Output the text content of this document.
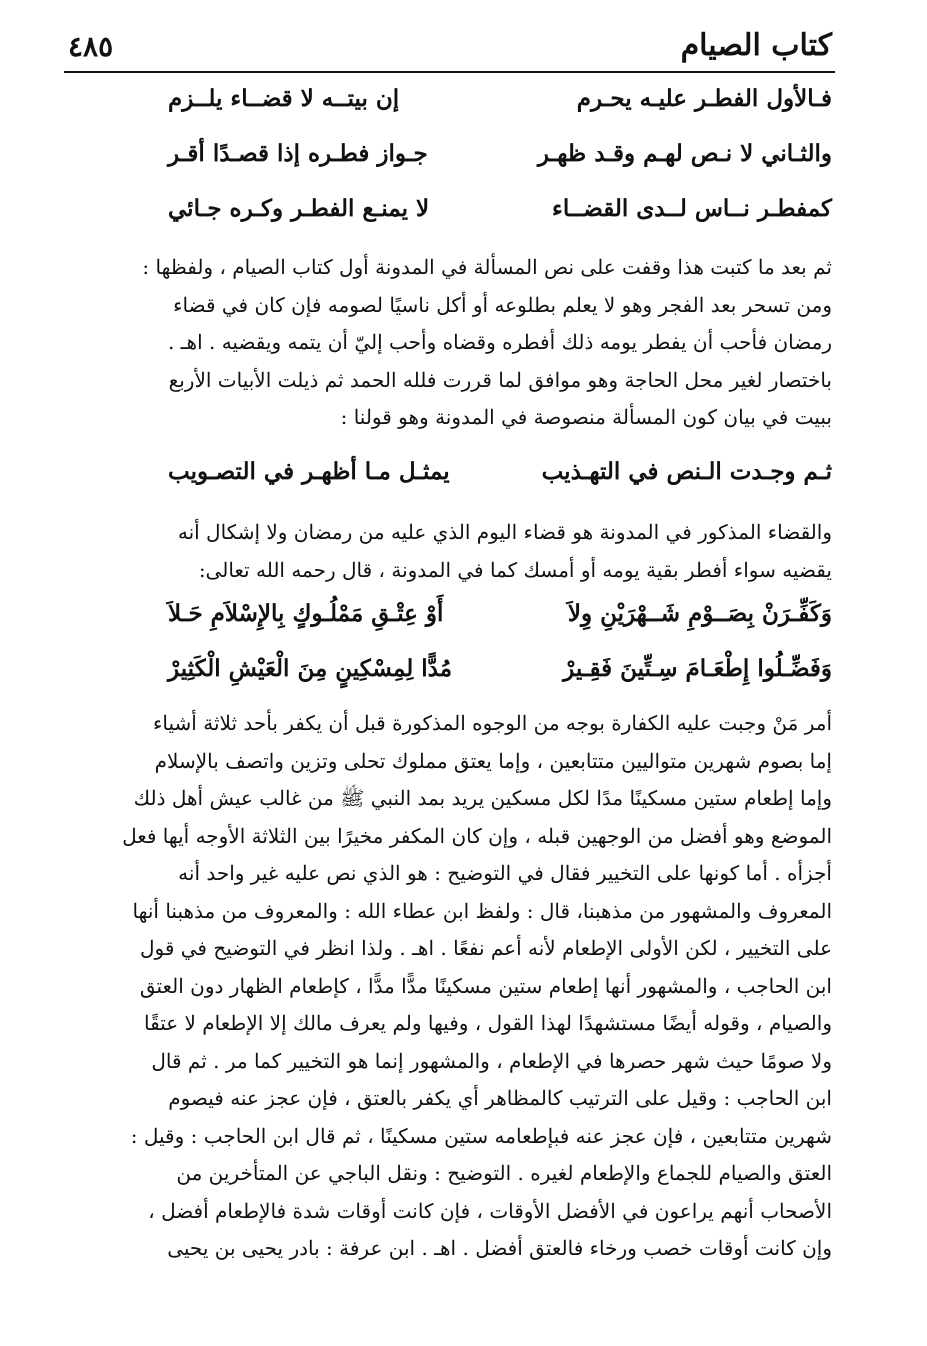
كتاب الصيام
٤٨٥
فـالأول الفطـر عليـه يحـرم
إن بيتــه لا قضــاء يلــزم
والثـاني لا نـص لهـم وقـد ظهـر
جـواز فطـره إذا قصـدًا أقـر
كمفطـر نــاس لــدى القضــاء
لا يمنـع الفطـر وكـره جـائي
ثم بعد ما كتبت هذا وقفت على نص المسألة في المدونة أول كتاب الصيام ، ولفظها :
ومن تسحر بعد الفجر وهو لا يعلم بطلوعه أو أكل ناسيًا لصومه فإن كان في قضاء
رمضان فأحب أن يفطر يومه ذلك أفطره وقضاه وأحب إليّ أن يتمه ويقضيه . اهـ .
باختصار لغير محل الحاجة وهو موافق لما قررت فلله الحمد ثم ذيلت الأبيات الأربع
ببيت في بيان كون المسألة منصوصة في المدونة وهو قولنا :
ثـم وجـدت الـنص في التهـذيب
يمثـل مـا أظهـر في التصـويب
والقضاء المذكور في المدونة هو قضاء اليوم الذي عليه من رمضان ولا إشكال أنه
يقضيه سواء أفطر بقية يومه أو أمسك كما في المدونة ، قال رحمه الله تعالى:
وَكَفِّـرَنْ بِصَــوْمِ شَــهْرَيْنِ وِلاَ
أَوْ عِتْـقِ مَمْلُـوكٍ بِالإِسْلاَمِ حَـلاَ
وَفَضِّـلُوا إِطْعَـامَ سِـتِّينَ فَقِـيرْ
مُدًّا لِمِسْكِينٍ مِنَ الْعَيْشِ الْكَثِيرْ
أمر مَنْ وجبت عليه الكفارة بوجه من الوجوه المذكورة قبل أن يكفر بأحد ثلاثة أشياء
إما بصوم شهرين متواليين متتابعين ، وإما يعتق مملوك تحلى وتزين واتصف بالإسلام
وإما إطعام ستين مسكينًا مدًا لكل مسكين يريد بمد النبي ﷺ من غالب عيش أهل ذلك
الموضع وهو أفضل من الوجهين قبله ، وإن كان المكفر مخيرًا بين الثلاثة الأوجه أيها فعل
أجزأه . أما كونها على التخيير فقال في التوضيح : هو الذي نص عليه غير واحد أنه
المعروف والمشهور من مذهبنا، قال : ولفظ ابن عطاء الله : والمعروف من مذهبنا أنها
على التخيير ، لكن الأولى الإطعام لأنه أعم نفعًا . اهـ . ولذا انظر في التوضيح في قول
ابن الحاجب ، والمشهور أنها إطعام ستين مسكينًا مدًّا مدًّا ، كإطعام الظهار دون العتق
والصيام ، وقوله أيضًا مستشهدًا لهذا القول ، وفيها ولم يعرف مالك إلا الإطعام لا عتقًا
ولا صومًا حيث شهر حصرها في الإطعام ، والمشهور إنما هو التخيير كما مر . ثم قال
ابن الحاجب : وقيل على الترتيب كالمظاهر أي يكفر بالعتق ، فإن عجز عنه فيصوم
شهرين متتابعين ، فإن عجز عنه فبإطعامه ستين مسكينًا ، ثم قال ابن الحاجب : وقيل :
العتق والصيام للجماع والإطعام لغيره . التوضيح : ونقل الباجي عن المتأخرين من
الأصحاب أنهم يراعون في الأفضل الأوقات ، فإن كانت أوقات شدة فالإطعام أفضل ،
وإن كانت أوقات خصب ورخاء فالعتق أفضل . اهـ . ابن عرفة : بادر يحيى بن يحيى
